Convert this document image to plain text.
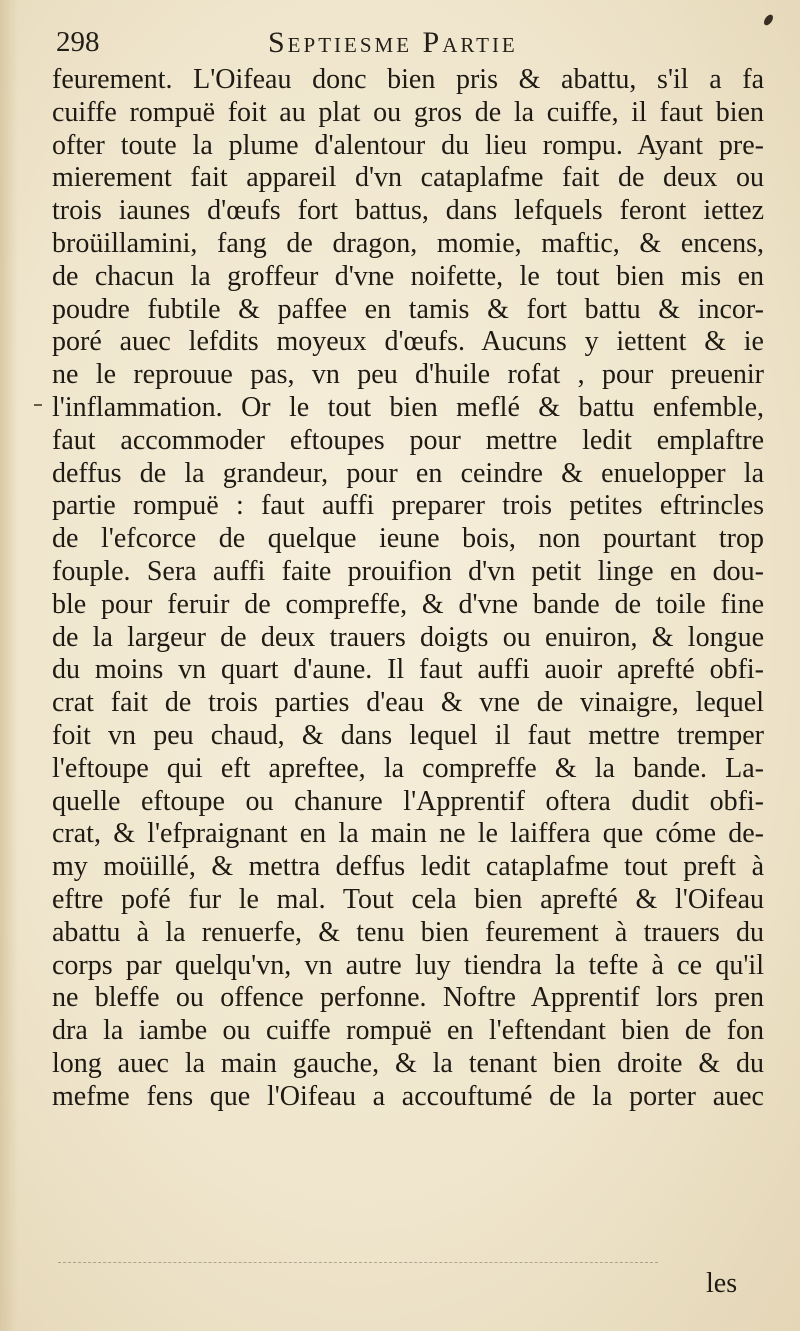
298	Septiesme Partie
feurement. L'Oifeau donc bien pris & abattu, s'il a fa
cuiffe rompuë foit au plat ou gros de la cuiffe, il faut bien
ofter toute la plume d'alentour du lieu rompu. Ayant pre-
mierement fait appareil d'vn cataplafme fait de deux ou
trois iaunes d'œufs fort battus, dans lefquels feront iettez
broüillamini, fang de dragon, momie, maftic, & encens,
de chacun la groffeur d'vne noifette, le tout bien mis en
poudre fubtile & paffee en tamis & fort battu & incor-
poré auec lefdits moyeux d'œufs. Aucuns y iettent & ie
ne le reprouue pas, vn peu d'huile rofat , pour preuenir
l'inflammation. Or le tout bien meflé & battu enfemble,
faut accommoder eftoupes pour mettre ledit emplaftre
deffus de la grandeur, pour en ceindre & enuelopper la
partie rompuë : faut auffi preparer trois petites eftrincles
de l'efcorce de quelque ieune bois, non pourtant trop
fouple. Sera auffi faite prouifion d'vn petit linge en dou-
ble pour feruir de compreffe, & d'vne bande de toile fine
de la largeur de deux trauers doigts ou enuiron, & longue
du moins vn quart d'aune. Il faut auffi auoir aprefté obfi-
crat fait de trois parties d'eau & vne de vinaigre, lequel
foit vn peu chaud, & dans lequel il faut mettre tremper
l'eftoupe qui eft apreftee, la compreffe & la bande. La-
quelle eftoupe ou chanure l'Apprentif oftera dudit obfi-
crat, & l'efpraignant en la main ne le laiffera que cóme de-
my moüillé, & mettra deffus ledit cataplafme tout preft à
eftre pofé fur le mal. Tout cela bien aprefté & l'Oifeau
abattu à la renuerfe, & tenu bien feurement à trauers du
corps par quelqu'vn, vn autre luy tiendra la tefte à ce qu'il
ne bleffe ou offence perfonne. Noftre Apprentif lors pren
dra la iambe ou cuiffe rompuë en l'eftendant bien de fon
long auec la main gauche, & la tenant bien droite & du
mefme fens que l'Oifeau a accouftumé de la porter auec
les
